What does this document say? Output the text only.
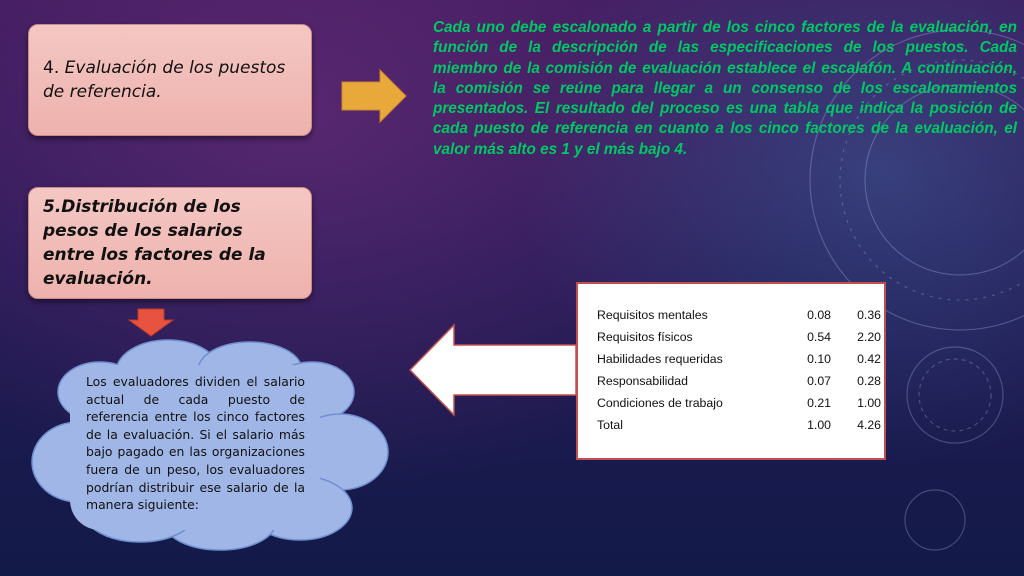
4. Evaluación de los puestos de referencia.
5.Distribución de los pesos de los salarios entre los factores de la evaluación.
Cada uno debe escalonado a partir de los cinco factores de la evaluación, en función de la descripción de las especificaciones de los puestos. Cada miembro de la comisión de evaluación establece el escalafón. A continuación, la comisión se reúne para llegar a un consenso de los escalonamientos presentados. El resultado del proceso es una tabla que indica la posición de cada puesto de referencia en cuanto a los cinco factores de la evaluación, el valor más alto es 1 y el más bajo 4.
Los evaluadores dividen el salario actual de cada puesto de referencia entre los cinco factores de la evaluación. Si el salario más bajo pagado en las organizaciones fuera de un peso, los evaluadores podrían distribuir ese salario de la manera siguiente:
Requisitos mentales	0.08	0.36
Requisitos físicos	0.54	2.20
Habilidades requeridas	0.10	0.42
Responsabilidad	0.07	0.28
Condiciones de trabajo	0.21	1.00
Total	1.00	4.26
